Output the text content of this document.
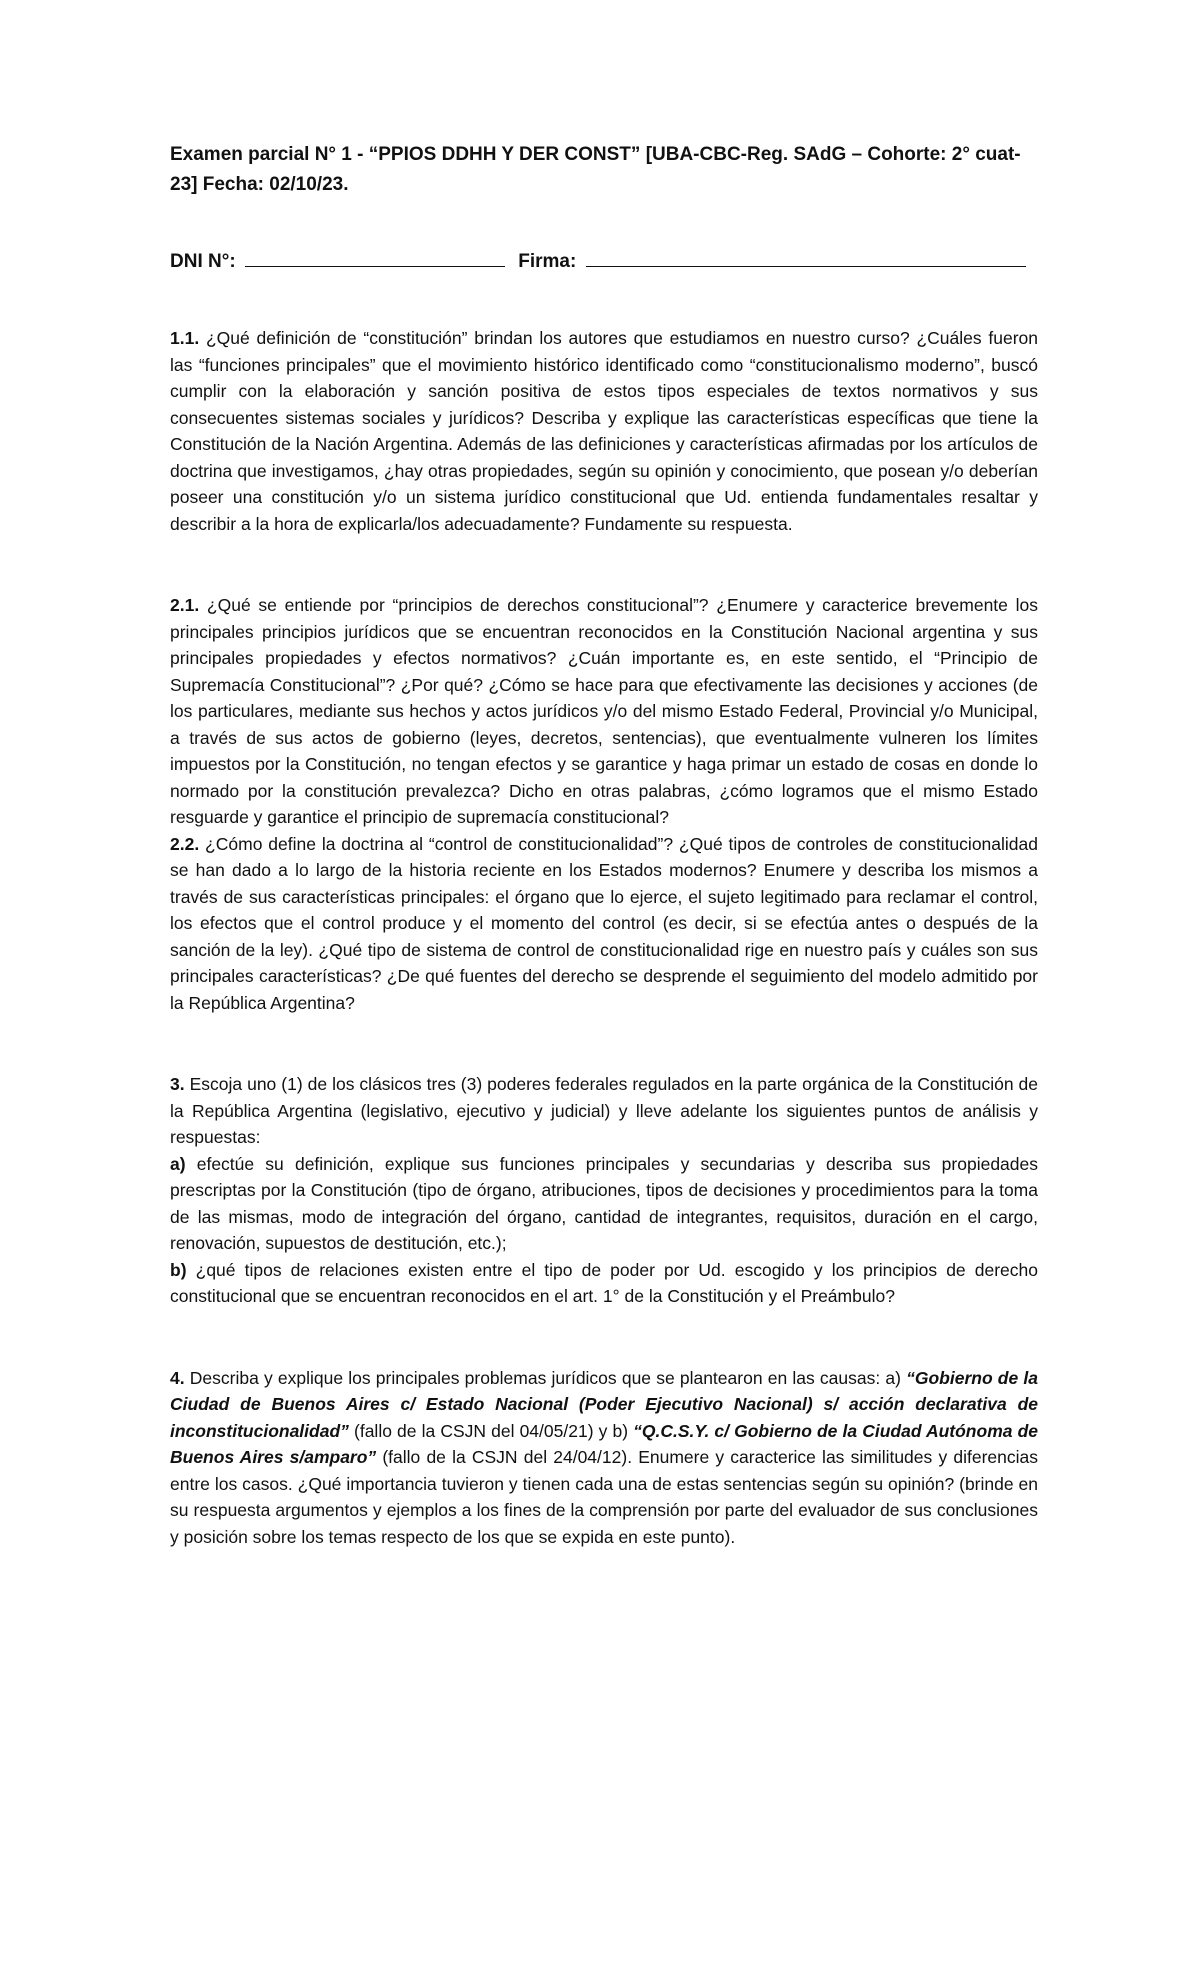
Examen parcial N° 1 - “PPIOS DDHH Y DER CONST” [UBA-CBC-Reg. SAdG – Cohorte: 2° cuat-23] Fecha: 02/10/23.

DNI N°:	Firma:

1.1. ¿Qué definición de “constitución” brindan los autores que estudiamos en nuestro curso? ¿Cuáles fueron las “funciones principales” que el movimiento histórico identificado como “constitucionalismo moderno”, buscó cumplir con la elaboración y sanción positiva de estos tipos especiales de textos normativos y sus consecuentes sistemas sociales y jurídicos? Describa y explique las características específicas que tiene la Constitución de la Nación Argentina. Además de las definiciones y características afirmadas por los artículos de doctrina que investigamos, ¿hay otras propiedades, según su opinión y conocimiento, que posean y/o deberían poseer una constitución y/o un sistema jurídico constitucional que Ud. entienda fundamentales resaltar y describir a la hora de explicarla/los adecuadamente? Fundamente su respuesta.

2.1. ¿Qué se entiende por “principios de derechos constitucional”? ¿Enumere y caracterice brevemente los principales principios jurídicos que se encuentran reconocidos en la Constitución Nacional argentina y sus principales propiedades y efectos normativos? ¿Cuán importante es, en este sentido, el “Principio de Supremacía Constitucional”? ¿Por qué? ¿Cómo se hace para que efectivamente las decisiones y acciones (de los particulares, mediante sus hechos y actos jurídicos y/o del mismo Estado Federal, Provincial y/o Municipal, a través de sus actos de gobierno (leyes, decretos, sentencias), que eventualmente vulneren los límites impuestos por la Constitución, no tengan efectos y se garantice y haga primar un estado de cosas en donde lo normado por la constitución prevalezca? Dicho en otras palabras, ¿cómo logramos que el mismo Estado resguarde y garantice el principio de supremacía constitucional?

2.2. ¿Cómo define la doctrina al “control de constitucionalidad”? ¿Qué tipos de controles de constitucionalidad se han dado a lo largo de la historia reciente en los Estados modernos? Enumere y describa los mismos a través de sus características principales: el órgano que lo ejerce, el sujeto legitimado para reclamar el control, los efectos que el control produce y el momento del control (es decir, si se efectúa antes o después de la sanción de la ley). ¿Qué tipo de sistema de control de constitucionalidad rige en nuestro país y cuáles son sus principales características? ¿De qué fuentes del derecho se desprende el seguimiento del modelo admitido por la República Argentina?

3. Escoja uno (1) de los clásicos tres (3) poderes federales regulados en la parte orgánica de la Constitución de la República Argentina (legislativo, ejecutivo y judicial) y lleve adelante los siguientes puntos de análisis y respuestas:

a) efectúe su definición, explique sus funciones principales y secundarias y describa sus propiedades prescriptas por la Constitución (tipo de órgano, atribuciones, tipos de decisiones y procedimientos para la toma de las mismas, modo de integración del órgano, cantidad de integrantes, requisitos, duración en el cargo, renovación, supuestos de destitución, etc.);

b) ¿qué tipos de relaciones existen entre el tipo de poder por Ud. escogido y los principios de derecho constitucional que se encuentran reconocidos en el art. 1° de la Constitución y el Preámbulo?

4. Describa y explique los principales problemas jurídicos que se plantearon en las causas: a) “Gobierno de la Ciudad de Buenos Aires c/ Estado Nacional (Poder Ejecutivo Nacional) s/ acción declarativa de inconstitucionalidad” (fallo de la CSJN del 04/05/21) y b) “Q.C.S.Y. c/ Gobierno de la Ciudad Autónoma de Buenos Aires s/amparo” (fallo de la CSJN del 24/04/12). Enumere y caracterice las similitudes y diferencias entre los casos. ¿Qué importancia tuvieron y tienen cada una de estas sentencias según su opinión? (brinde en su respuesta argumentos y ejemplos a los fines de la comprensión por parte del evaluador de sus conclusiones y posición sobre los temas respecto de los que se expida en este punto).
